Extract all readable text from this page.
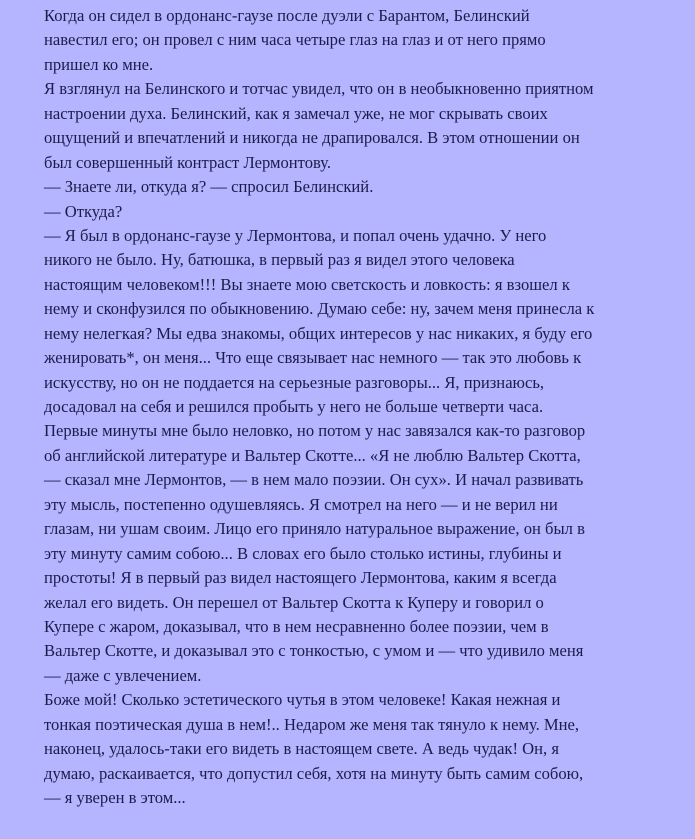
Когда он сидел в ордонанс-гаузе после дуэли с Барантом, Белинский
навестил его; он провел с ним часа четыре глаз на глаз и от него прямо
пришел ко мне.
Я взглянул на Белинского и тотчас увидел, что он в необыкновенно приятном
настроении духа. Белинский, как я замечал уже, не мог скрывать своих
ощущений и впечатлений и никогда не драпировался. В этом отношении он
был совершенный контраст Лермонтову.
— Знаете ли, откуда я? — спросил Белинский.
— Откуда?
— Я был в ордонанс-гаузе у Лермонтова, и попал очень удачно. У него
никого не было. Ну, батюшка, в первый раз я видел этого человека
настоящим человеком!!! Вы знаете мою светскость и ловкость: я взошел к
нему и сконфузился по обыкновению. Думаю себе: ну, зачем меня принесла к
нему нелегкая? Мы едва знакомы, общих интересов у нас никаких, я буду его
женировать*, он меня... Что еще связывает нас немного — так это любовь к
искусству, но он не поддается на серьезные разговоры... Я, признаюсь,
досадовал на себя и решился пробыть у него не больше четверти часа.
Первые минуты мне было неловко, но потом у нас завязался как-то разговор
об английской литературе и Вальтер Скотте... «Я не люблю Вальтер Скотта,
— сказал мне Лермонтов, — в нем мало поэзии. Он сух». И начал развивать
эту мысль, постепенно одушевляясь. Я смотрел на него — и не верил ни
глазам, ни ушам своим. Лицо его приняло натуральное выражение, он был в
эту минуту самим собою... В словах его было столько истины, глубины и
простоты! Я в первый раз видел настоящего Лермонтова, каким я всегда
желал его видеть. Он перешел от Вальтер Скотта к Куперу и говорил о
Купере с жаром, доказывал, что в нем несравненно более поэзии, чем в
Вальтер Скотте, и доказывал это с тонкостью, с умом и — что удивило меня
— даже с увлечением.
Боже мой! Сколько эстетического чутья в этом человеке! Какая нежная и
тонкая поэтическая душа в нем!.. Недаром же меня так тянуло к нему. Мне,
наконец, удалось-таки его видеть в настоящем свете. А ведь чудак! Он, я
думаю, раскаивается, что допустил себя, хотя на минуту быть самим собою,
— я уверен в этом...
